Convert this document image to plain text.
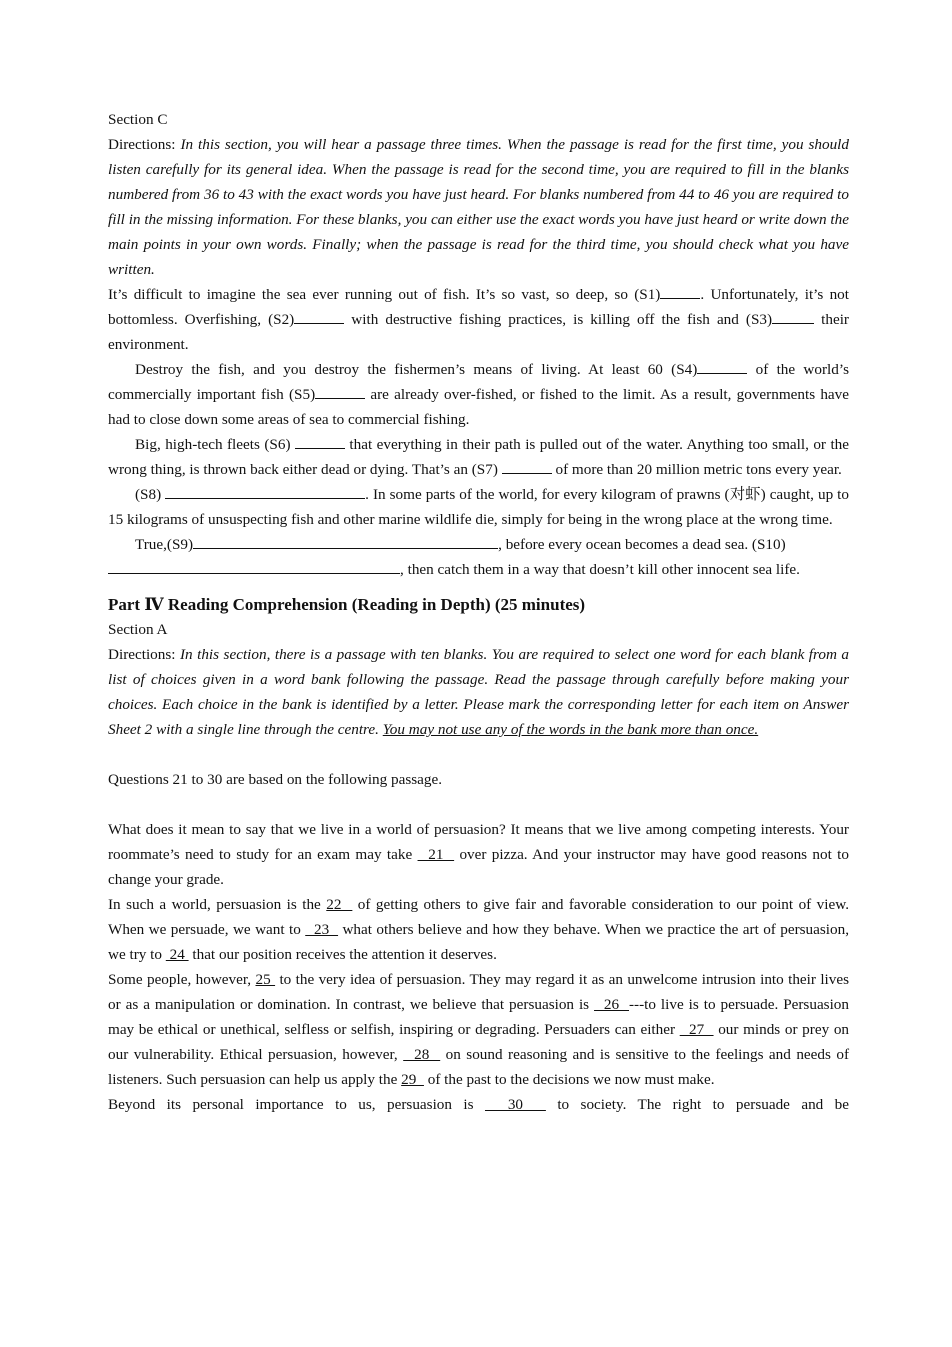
Section C

Directions: In this section, you will hear a passage three times. When the passage is read for the first time, you should listen carefully for its general idea. When the passage is read for the second time, you are required to fill in the blanks numbered from 36 to 43 with the exact words you have just heard. For blanks numbered from 44 to 46 you are required to fill in the missing information. For these blanks, you can either use the exact words you have just heard or write down the main points in your own words. Finally; when the passage is read for the third time, you should check what you have written.

It’s difficult to imagine the sea ever running out of fish. It’s so vast, so deep, so (S1)	. Unfortunately, it’s not bottomless. Overfishing, (S2)	with destructive fishing practices, is killing off the fish and (S3)	their environment.

Destroy the fish, and you destroy the fishermen’s means of living. At least 60 (S4)	of the world’s commercially important fish (S5)	are already over-fished, or fished to the limit. As a result, governments have had to close down some areas of sea to commercial fishing.

Big, high-tech fleets (S6)	that everything in their path is pulled out of the water. Anything too small, or the wrong thing, is thrown back either dead or dying. That’s an (S7)	of more than 20 million metric tons every year.

(S8)	. In some parts of the world, for every kilogram of prawns (对虾) caught, up to 15 kilograms of unsuspecting fish and other marine wildlife die, simply for being in the wrong place at the wrong time.

True,(S9)	, before every ocean becomes a dead sea. (S10)
, then catch them in a way that doesn’t kill other innocent sea life.

Part Ⅳ Reading Comprehension (Reading in Depth) (25 minutes)

Section A

Directions: In this section, there is a passage with ten blanks. You are required to select one word for each blank from a list of choices given in a word bank following the passage. Read the passage through carefully before making your choices. Each choice in the bank is identified by a letter. Please mark the corresponding letter for each item on Answer Sheet 2 with a single line through the centre. You may not use any of the words in the bank more than once.

Questions 21 to 30 are based on the following passage.

What does it mean to say that we live in a world of persuasion? It means that we live among competing interests. Your roommate’s need to study for an exam may take   21   over pizza. And your instructor may have good reasons not to change your grade.

In such a world, persuasion is the 22   of getting others to give fair and favorable consideration to our point of view. When we persuade, we want to   23   what others believe and how they behave. When we practice the art of persuasion, we try to  24  that our position receives the attention it deserves.

Some people, however, 25  to the very idea of persuasion. They may regard it as an unwelcome intrusion into their lives or as a manipulation or domination. In contrast, we believe that persuasion is   26  ---to live is to persuade. Persuasion may be ethical or unethical, selfless or selfish, inspiring or degrading. Persuaders can either   27   our minds or prey on our vulnerability. Ethical persuasion, however,   28   on sound reasoning and is sensitive to the feelings and needs of listeners. Such persuasion can help us apply the 29   of the past to the decisions we now must make.

Beyond its personal importance to us, persuasion is   30   to society. The right to persuade and be
